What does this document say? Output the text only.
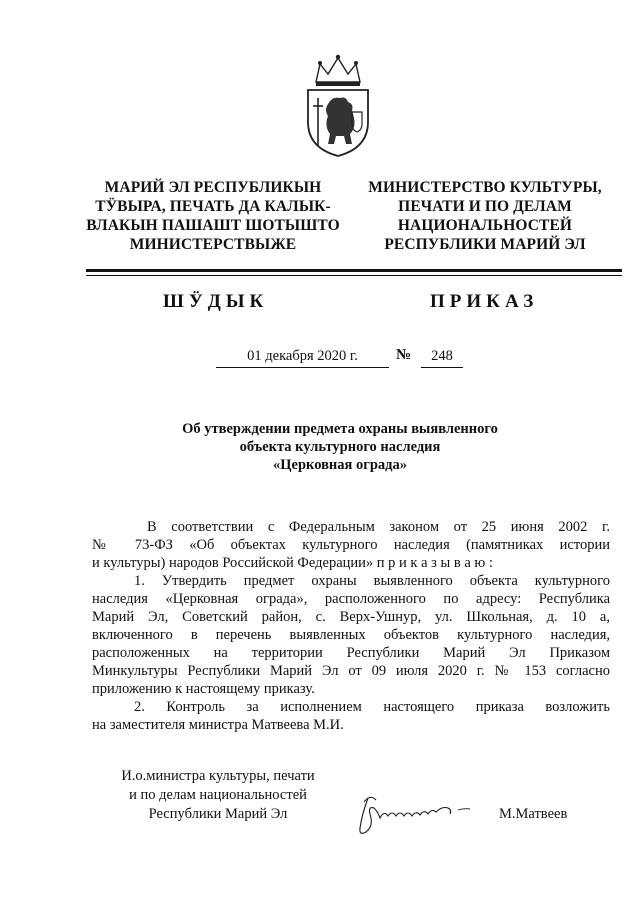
МАРИЙ ЭЛ РЕСПУБЛИКЫН
ТӰВЫРА, ПЕЧАТЬ ДА КАЛЫК-
ВЛАКЫН ПАШАШТ ШОТЫШТО
МИНИСТЕРСТВЫЖЕ
МИНИСТЕРСТВО КУЛЬТУРЫ,
ПЕЧАТИ И ПО ДЕЛАМ
НАЦИОНАЛЬНОСТЕЙ
РЕСПУБЛИКИ МАРИЙ ЭЛ
ШӰДЫК	ПРИКАЗ
01 декабря 2020 г.	№	248
Об утверждении предмета охраны выявленного
объекта культурного наследия
«Церковная ограда»

В соответствии с Федеральным законом от 25 июня 2002 г.
№ 73-ФЗ «Об объектах культурного наследия (памятниках истории
и культуры) народов Российской Федерации» п р и к а з ы в а ю :

1. Утвердить предмет охраны выявленного объекта культурного
наследия «Церковная ограда», расположенного по адресу: Республика
Марий Эл, Советский район, с. Верх-Ушнур, ул. Школьная, д. 10 а,
включенного в перечень выявленных объектов культурного наследия,
расположенных на территории Республики Марий Эл Приказом
Минкультуры Республики Марий Эл от 09 июля 2020 г. № 153 согласно
приложению к настоящему приказу.

2. Контроль за исполнением настоящего приказа возложить
на заместителя министра Матвеева М.И.

И.о.министра культуры, печати
и по делам национальностей
Республики Марий Эл	М.Матвеев
